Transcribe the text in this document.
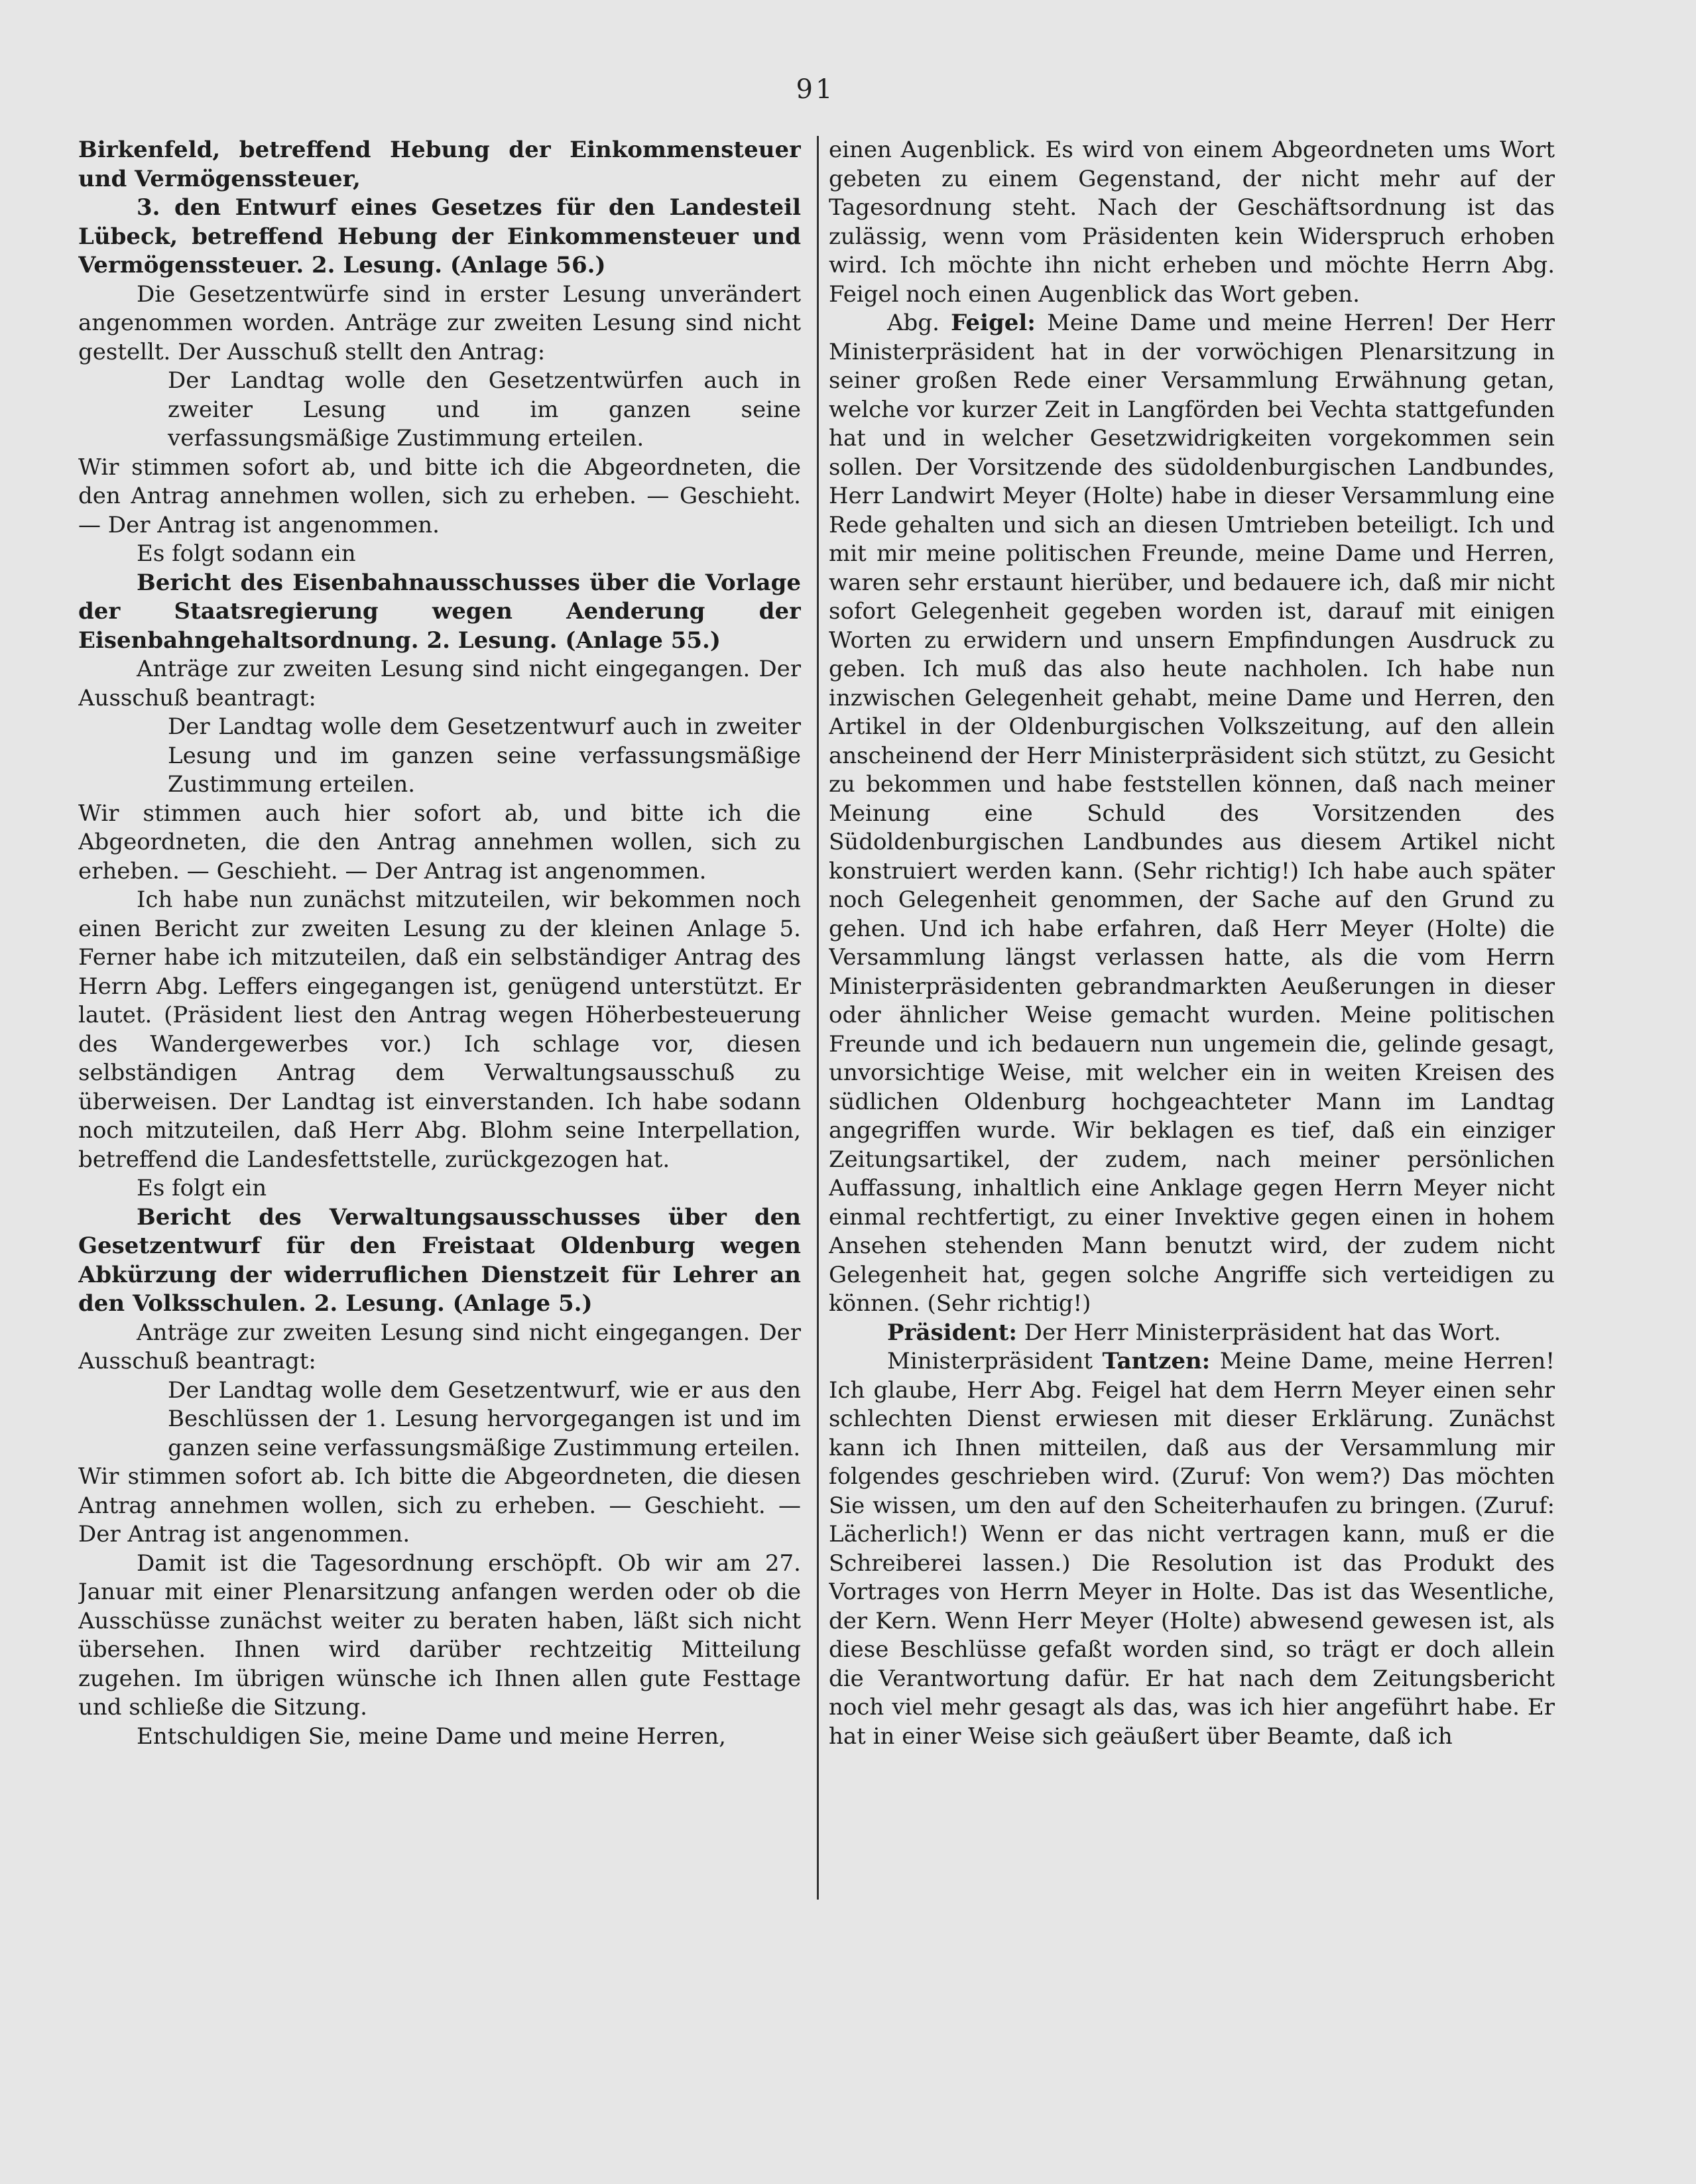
91

Birkenfeld, betreffend Hebung der Einkommensteuer und Vermögenssteuer,

3. den Entwurf eines Gesetzes für den Landesteil Lübeck, betreffend Hebung der Einkommensteuer und Vermögenssteuer. 2. Lesung. (Anlage 56.)

Die Gesetzentwürfe sind in erster Lesung unverändert angenommen worden. Anträge zur zweiten Lesung sind nicht gestellt. Der Ausschuß stellt den Antrag:

Der Landtag wolle den Gesetzentwürfen auch in zweiter Lesung und im ganzen seine verfassungsmäßige Zustimmung erteilen.

Wir stimmen sofort ab, und bitte ich die Abgeordneten, die den Antrag annehmen wollen, sich zu erheben. — Geschieht. — Der Antrag ist angenommen.

Es folgt sodann ein

Bericht des Eisenbahnausschusses über die Vorlage der Staatsregierung wegen Aenderung der Eisenbahngehaltsordnung. 2. Lesung. (Anlage 55.)

Anträge zur zweiten Lesung sind nicht eingegangen. Der Ausschuß beantragt:

Der Landtag wolle dem Gesetzentwurf auch in zweiter Lesung und im ganzen seine verfassungsmäßige Zustimmung erteilen.

Wir stimmen auch hier sofort ab, und bitte ich die Abgeordneten, die den Antrag annehmen wollen, sich zu erheben. — Geschieht. — Der Antrag ist angenommen.

Ich habe nun zunächst mitzuteilen, wir bekommen noch einen Bericht zur zweiten Lesung zu der kleinen Anlage 5. Ferner habe ich mitzuteilen, daß ein selbständiger Antrag des Herrn Abg. Leffers eingegangen ist, genügend unterstützt. Er lautet. (Präsident liest den Antrag wegen Höherbesteuerung des Wandergewerbes vor.) Ich schlage vor, diesen selbständigen Antrag dem Verwaltungsausschuß zu überweisen. Der Landtag ist einverstanden. Ich habe sodann noch mitzuteilen, daß Herr Abg. Blohm seine Interpellation, betreffend die Landesfettstelle, zurückgezogen hat.

Es folgt ein

Bericht des Verwaltungsausschusses über den Gesetzentwurf für den Freistaat Oldenburg wegen Abkürzung der widerruflichen Dienstzeit für Lehrer an den Volksschulen. 2. Lesung. (Anlage 5.)

Anträge zur zweiten Lesung sind nicht eingegangen. Der Ausschuß beantragt:

Der Landtag wolle dem Gesetzentwurf, wie er aus den Beschlüssen der 1. Lesung hervorgegangen ist und im ganzen seine verfassungsmäßige Zustimmung erteilen.

Wir stimmen sofort ab. Ich bitte die Abgeordneten, die diesen Antrag annehmen wollen, sich zu erheben. — Geschieht. — Der Antrag ist angenommen.

Damit ist die Tagesordnung erschöpft. Ob wir am 27. Januar mit einer Plenarsitzung anfangen werden oder ob die Ausschüsse zunächst weiter zu beraten haben, läßt sich nicht übersehen. Ihnen wird darüber rechtzeitig Mitteilung zugehen. Im übrigen wünsche ich Ihnen allen gute Festtage und schließe die Sitzung.

Entschuldigen Sie, meine Dame und meine Herren,

einen Augenblick. Es wird von einem Abgeordneten ums Wort gebeten zu einem Gegenstand, der nicht mehr auf der Tagesordnung steht. Nach der Geschäftsordnung ist das zulässig, wenn vom Präsidenten kein Widerspruch erhoben wird. Ich möchte ihn nicht erheben und möchte Herrn Abg. Feigel noch einen Augenblick das Wort geben.

Abg. Feigel: Meine Dame und meine Herren! Der Herr Ministerpräsident hat in der vorwöchigen Plenarsitzung in seiner großen Rede einer Versammlung Erwähnung getan, welche vor kurzer Zeit in Langförden bei Vechta stattgefunden hat und in welcher Gesetzwidrigkeiten vorgekommen sein sollen. Der Vorsitzende des südoldenburgischen Landbundes, Herr Landwirt Meyer (Holte) habe in dieser Versammlung eine Rede gehalten und sich an diesen Umtrieben beteiligt. Ich und mit mir meine politischen Freunde, meine Dame und Herren, waren sehr erstaunt hierüber, und bedauere ich, daß mir nicht sofort Gelegenheit gegeben worden ist, darauf mit einigen Worten zu erwidern und unsern Empfindungen Ausdruck zu geben. Ich muß das also heute nachholen. Ich habe nun inzwischen Gelegenheit gehabt, meine Dame und Herren, den Artikel in der Oldenburgischen Volkszeitung, auf den allein anscheinend der Herr Ministerpräsident sich stützt, zu Gesicht zu bekommen und habe feststellen können, daß nach meiner Meinung eine Schuld des Vorsitzenden des Südoldenburgischen Landbundes aus diesem Artikel nicht konstruiert werden kann. (Sehr richtig!) Ich habe auch später noch Gelegenheit genommen, der Sache auf den Grund zu gehen. Und ich habe erfahren, daß Herr Meyer (Holte) die Versammlung längst verlassen hatte, als die vom Herrn Ministerpräsidenten gebrandmarkten Aeußerungen in dieser oder ähnlicher Weise gemacht wurden. Meine politischen Freunde und ich bedauern nun ungemein die, gelinde gesagt, unvorsichtige Weise, mit welcher ein in weiten Kreisen des südlichen Oldenburg hochgeachteter Mann im Landtag angegriffen wurde. Wir beklagen es tief, daß ein einziger Zeitungsartikel, der zudem, nach meiner persönlichen Auffassung, inhaltlich eine Anklage gegen Herrn Meyer nicht einmal rechtfertigt, zu einer Invektive gegen einen in hohem Ansehen stehenden Mann benutzt wird, der zudem nicht Gelegenheit hat, gegen solche Angriffe sich verteidigen zu können. (Sehr richtig!)

Präsident: Der Herr Ministerpräsident hat das Wort.

Ministerpräsident Tantzen: Meine Dame, meine Herren! Ich glaube, Herr Abg. Feigel hat dem Herrn Meyer einen sehr schlechten Dienst erwiesen mit dieser Erklärung. Zunächst kann ich Ihnen mitteilen, daß aus der Versammlung mir folgendes geschrieben wird. (Zuruf: Von wem?) Das möchten Sie wissen, um den auf den Scheiterhaufen zu bringen. (Zuruf: Lächerlich!) Wenn er das nicht vertragen kann, muß er die Schreiberei lassen.) Die Resolution ist das Produkt des Vortrages von Herrn Meyer in Holte. Das ist das Wesentliche, der Kern. Wenn Herr Meyer (Holte) abwesend gewesen ist, als diese Beschlüsse gefaßt worden sind, so trägt er doch allein die Verantwortung dafür. Er hat nach dem Zeitungsbericht noch viel mehr gesagt als das, was ich hier angeführt habe. Er hat in einer Weise sich geäußert über Beamte, daß ich
